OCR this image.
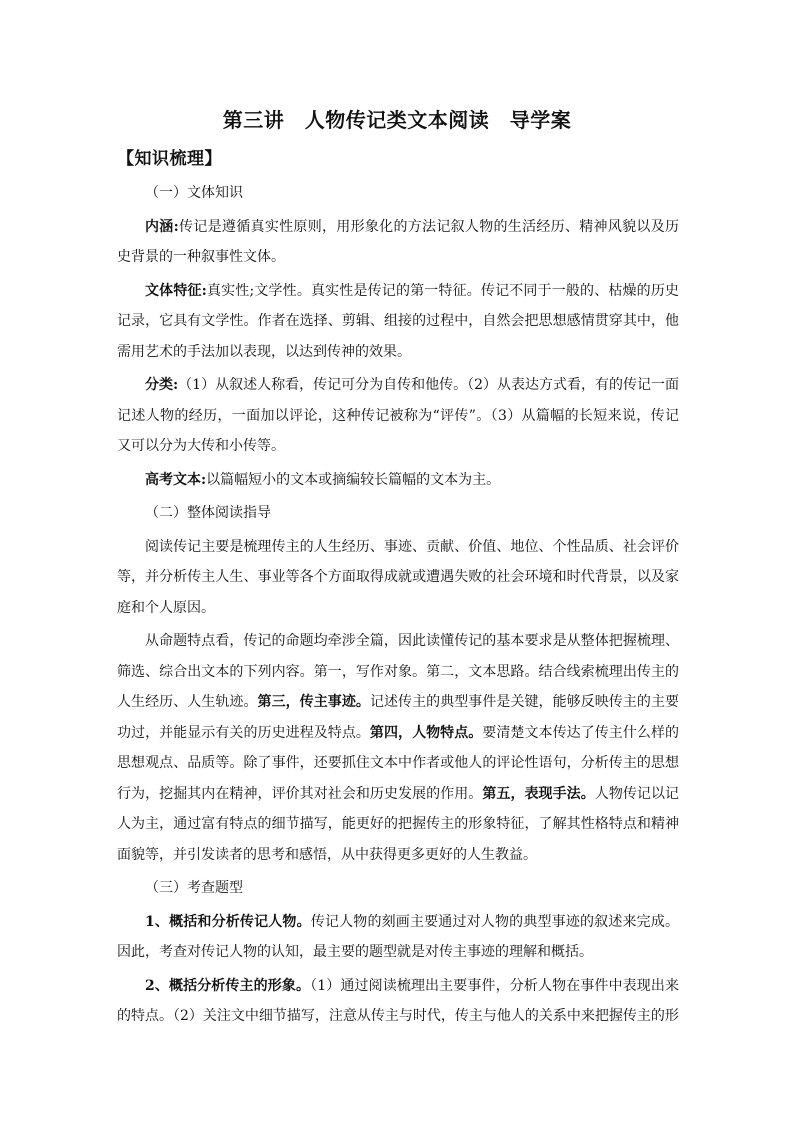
第三讲　人物传记类文本阅读　导学案
【知识梳理】

（一）文体知识

内涵:传记是遵循真实性原则，用形象化的方法记叙人物的生活经历、精神风貌以及历史背景的一种叙事性文体。

文体特征:真实性;文学性。真实性是传记的第一特征。传记不同于一般的、枯燥的历史记录，它具有文学性。作者在选择、剪辑、组接的过程中，自然会把思想感情贯穿其中，他需用艺术的手法加以表现，以达到传神的效果。

分类:（1）从叙述人称看，传记可分为自传和他传。（2）从表达方式看，有的传记一面记述人物的经历，一面加以评论，这种传记被称为“评传”。（3）从篇幅的长短来说，传记又可以分为大传和小传等。

高考文本:以篇幅短小的文本或摘编较长篇幅的文本为主。

（二）整体阅读指导

阅读传记主要是梳理传主的人生经历、事迹、贡献、价值、地位、个性品质、社会评价等，并分析传主人生、事业等各个方面取得成就或遭遇失败的社会环境和时代背景，以及家庭和个人原因。

从命题特点看，传记的命题均牵涉全篇，因此读懂传记的基本要求是从整体把握梳理、筛选、综合出文本的下列内容。第一，写作对象。第二，文本思路。结合线索梳理出传主的人生经历、人生轨迹。第三，传主事迹。记述传主的典型事件是关键，能够反映传主的主要功过，并能显示有关的历史进程及特点。第四，人物特点。要清楚文本传达了传主什么样的思想观点、品质等。除了事件，还要抓住文本中作者或他人的评论性语句，分析传主的思想行为，挖掘其内在精神，评价其对社会和历史发展的作用。第五，表现手法。人物传记以记人为主，通过富有特点的细节描写，能更好的把握传主的形象特征，了解其性格特点和精神面貌等，并引发读者的思考和感悟，从中获得更多更好的人生教益。

（三）考查题型

1、概括和分析传记人物。传记人物的刻画主要通过对人物的典型事迹的叙述来完成。因此，考查对传记人物的认知，最主要的题型就是对传主事迹的理解和概括。

2、概括分析传主的形象。（1）通过阅读梳理出主要事件，分析人物在事件中表现出来的特点。（2）关注文中细节描写，注意从传主与时代，传主与他人的关系中来把握传主的形
